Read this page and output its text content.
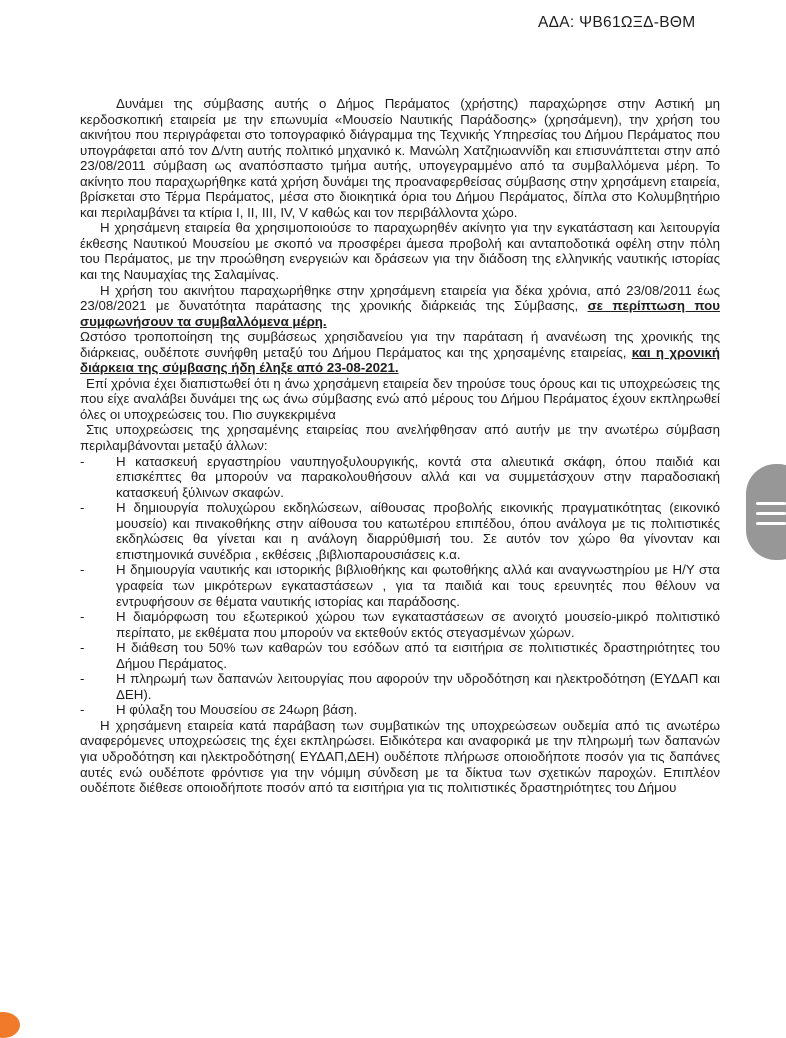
ΑΔΑ: ΨΒ61ΩΞΔ-ΒΘΜ

Δυνάμει της σύμβασης αυτής ο Δήμος Περάματος (χρήστης) παραχώρησε στην Αστική μη κερδοσκοπική εταιρεία με την επωνυμία «Μουσείο Ναυτικής Παράδοσης» (χρησάμενη), την χρήση του ακινήτου που περιγράφεται στο τοπογραφικό διάγραμμα της Τεχνικής Υπηρεσίας του Δήμου Περάματος που υπογράφεται από τον Δ/ντη αυτής πολιτικό μηχανικό κ. Μανώλη Χατζηιωαννίδη και επισυνάπτεται στην από 23/08/2011 σύμβαση ως αναπόσπαστο τμήμα αυτής, υπογεγραμμένο από τα συμβαλλόμενα μέρη. Το ακίνητο που παραχωρήθηκε κατά χρήση δυνάμει της προαναφερθείσας σύμβασης στην χρησάμενη εταιρεία, βρίσκεται στο Τέρμα Περάματος, μέσα στο διοικητικά όρια του Δήμου Περάματος, δίπλα στο Κολυμβητήριο και περιλαμβάνει τα κτίρια Ι, ΙΙ, ΙΙΙ, ΙV, V καθώς και τον περιβάλλοντα χώρο.

Η χρησάμενη εταιρεία θα χρησιμοποιούσε το παραχωρηθέν ακίνητο για την εγκατάσταση και λειτουργία έκθεσης Ναυτικού Μουσείου με σκοπό να προσφέρει άμεσα προβολή και ανταποδοτικά οφέλη στην πόλη του Περάματος, με την προώθηση ενεργειών και δράσεων για την διάδοση της ελληνικής ναυτικής ιστορίας και της Ναυμαχίας της Σαλαμίνας.

Η χρήση του ακινήτου παραχωρήθηκε στην χρησάμενη εταιρεία για δέκα χρόνια, από 23/08/2011 έως 23/08/2021 με δυνατότητα παράτασης της χρονικής διάρκειάς της Σύμβασης, σε περίπτωση που συμφωνήσουν τα συμβαλλόμενα μέρη.

Ωστόσο τροποποίηση της συμβάσεως χρησιδανείου για την παράταση ή ανανέωση της χρονικής της διάρκειας, ουδέποτε συνήφθη μεταξύ του Δήμου Περάματος και της χρησαμένης εταιρείας, και η χρονική διάρκεια της σύμβασης ήδη έληξε από 23-08-2021.

Επί χρόνια έχει διαπιστωθεί ότι η άνω χρησάμενη εταιρεία δεν τηρούσε τους όρους και τις υποχρεώσεις της που είχε αναλάβει δυνάμει της ως άνω σύμβασης ενώ από μέρους του Δήμου Περάματος έχουν εκπληρωθεί όλες οι υποχρεώσεις του. Πιο συγκεκριμένα

Στις υποχρεώσεις της χρησαμένης εταιρείας που ανελήφθησαν από αυτήν με την ανωτέρω σύμβαση περιλαμβάνονται μεταξύ άλλων:

- Η κατασκευή εργαστηρίου ναυπηγοξυλουργικής, κοντά στα αλιευτικά σκάφη, όπου παιδιά και επισκέπτες θα μπορούν να παρακολουθήσουν αλλά και να συμμετάσχουν στην παραδοσιακή κατασκευή ξύλινων σκαφών.

- Η δημιουργία πολυχώρου εκδηλώσεων, αίθουσας προβολής εικονικής πραγματικότητας (εικονικό μουσείο) και πινακοθήκης στην αίθουσα του κατωτέρου επιπέδου, όπου ανάλογα με τις πολιτιστικές εκδηλώσεις θα γίνεται και η ανάλογη διαρρύθμισή του. Σε αυτόν τον χώρο θα γίνονταν και επιστημονικά συνέδρια , εκθέσεις ,βιβλιοπαρουσιάσεις κ.α.

- Η δημιουργία ναυτικής και ιστορικής βιβλιοθήκης και φωτοθήκης αλλά και αναγνωστηρίου με Η/Υ στα γραφεία των μικρότερων εγκαταστάσεων , για τα παιδιά και τους ερευνητές που θέλουν να εντρυφήσουν σε θέματα ναυτικής ιστορίας και παράδοσης.

- Η διαμόρφωση του εξωτερικού χώρου των εγκαταστάσεων σε ανοιχτό μουσείο-μικρό πολιτιστικό περίπατο, με εκθέματα που μπορούν να εκτεθούν εκτός στεγασμένων χώρων.

- Η διάθεση του 50% των καθαρών του εσόδων από τα εισιτήρια σε πολιτιστικές δραστηριότητες του Δήμου Περάματος.

- Η πληρωμή των δαπανών λειτουργίας που αφορούν την υδροδότηση και ηλεκτροδότηση (ΕΥΔΑΠ και ΔΕΗ).

- Η φύλαξη του Μουσείου σε 24ωρη βάση.

Η χρησάμενη εταιρεία κατά παράβαση των συμβατικών της υποχρεώσεων ουδεμία από τις ανωτέρω αναφερόμενες υποχρεώσεις της έχει εκπληρώσει. Ειδικότερα και αναφορικά με την πληρωμή των δαπανών για υδροδότηση και ηλεκτροδότηση( ΕΥΔΑΠ,ΔΕΗ) ουδέποτε πλήρωσε οποιοδήποτε ποσόν για τις δαπάνες αυτές ενώ ουδέποτε φρόντισε για την νόμιμη σύνδεση με τα δίκτυα των σχετικών παροχών. Επιπλέον ουδέποτε διέθεσε οποιοδήποτε ποσόν από τα εισιτήρια για τις πολιτιστικές δραστηριότητες του Δήμου
